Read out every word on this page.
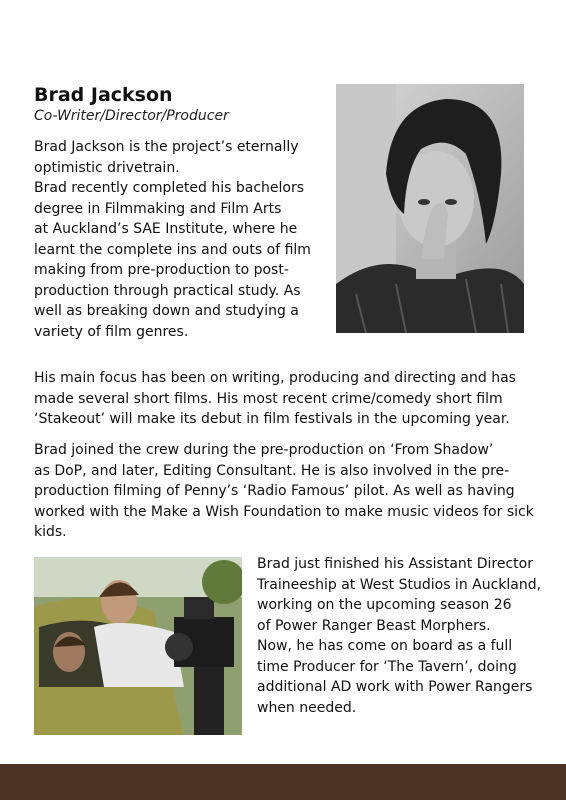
Brad Jackson
Co-Writer/Director/Producer

Brad Jackson is the project’s eternally
optimistic drivetrain.
Brad recently completed his bachelors
degree in Filmmaking and Film Arts
at Auckland’s SAE Institute, where he
learnt the complete ins and outs of film
making from pre-production to post-
production through practical study. As
well as breaking down and studying a
variety of film genres.

His main focus has been on writing, producing and directing and has
made several short films. His most recent crime/comedy short film
‘Stakeout’ will make its debut in film festivals in the upcoming year.

Brad joined the crew during the pre-production on ‘From Shadow’
as DoP, and later, Editing Consultant. He is also involved in the pre-
production filming of Penny’s ‘Radio Famous’ pilot. As well as having
worked with the Make a Wish Foundation to make music videos for sick
kids.

Brad just finished his Assistant Director
Traineeship at West Studios in Auckland,
working on the upcoming season 26
of Power Ranger Beast Morphers.
Now, he has come on board as a full
time Producer for ‘The Tavern’, doing
additional AD work with Power Rangers
when needed.
